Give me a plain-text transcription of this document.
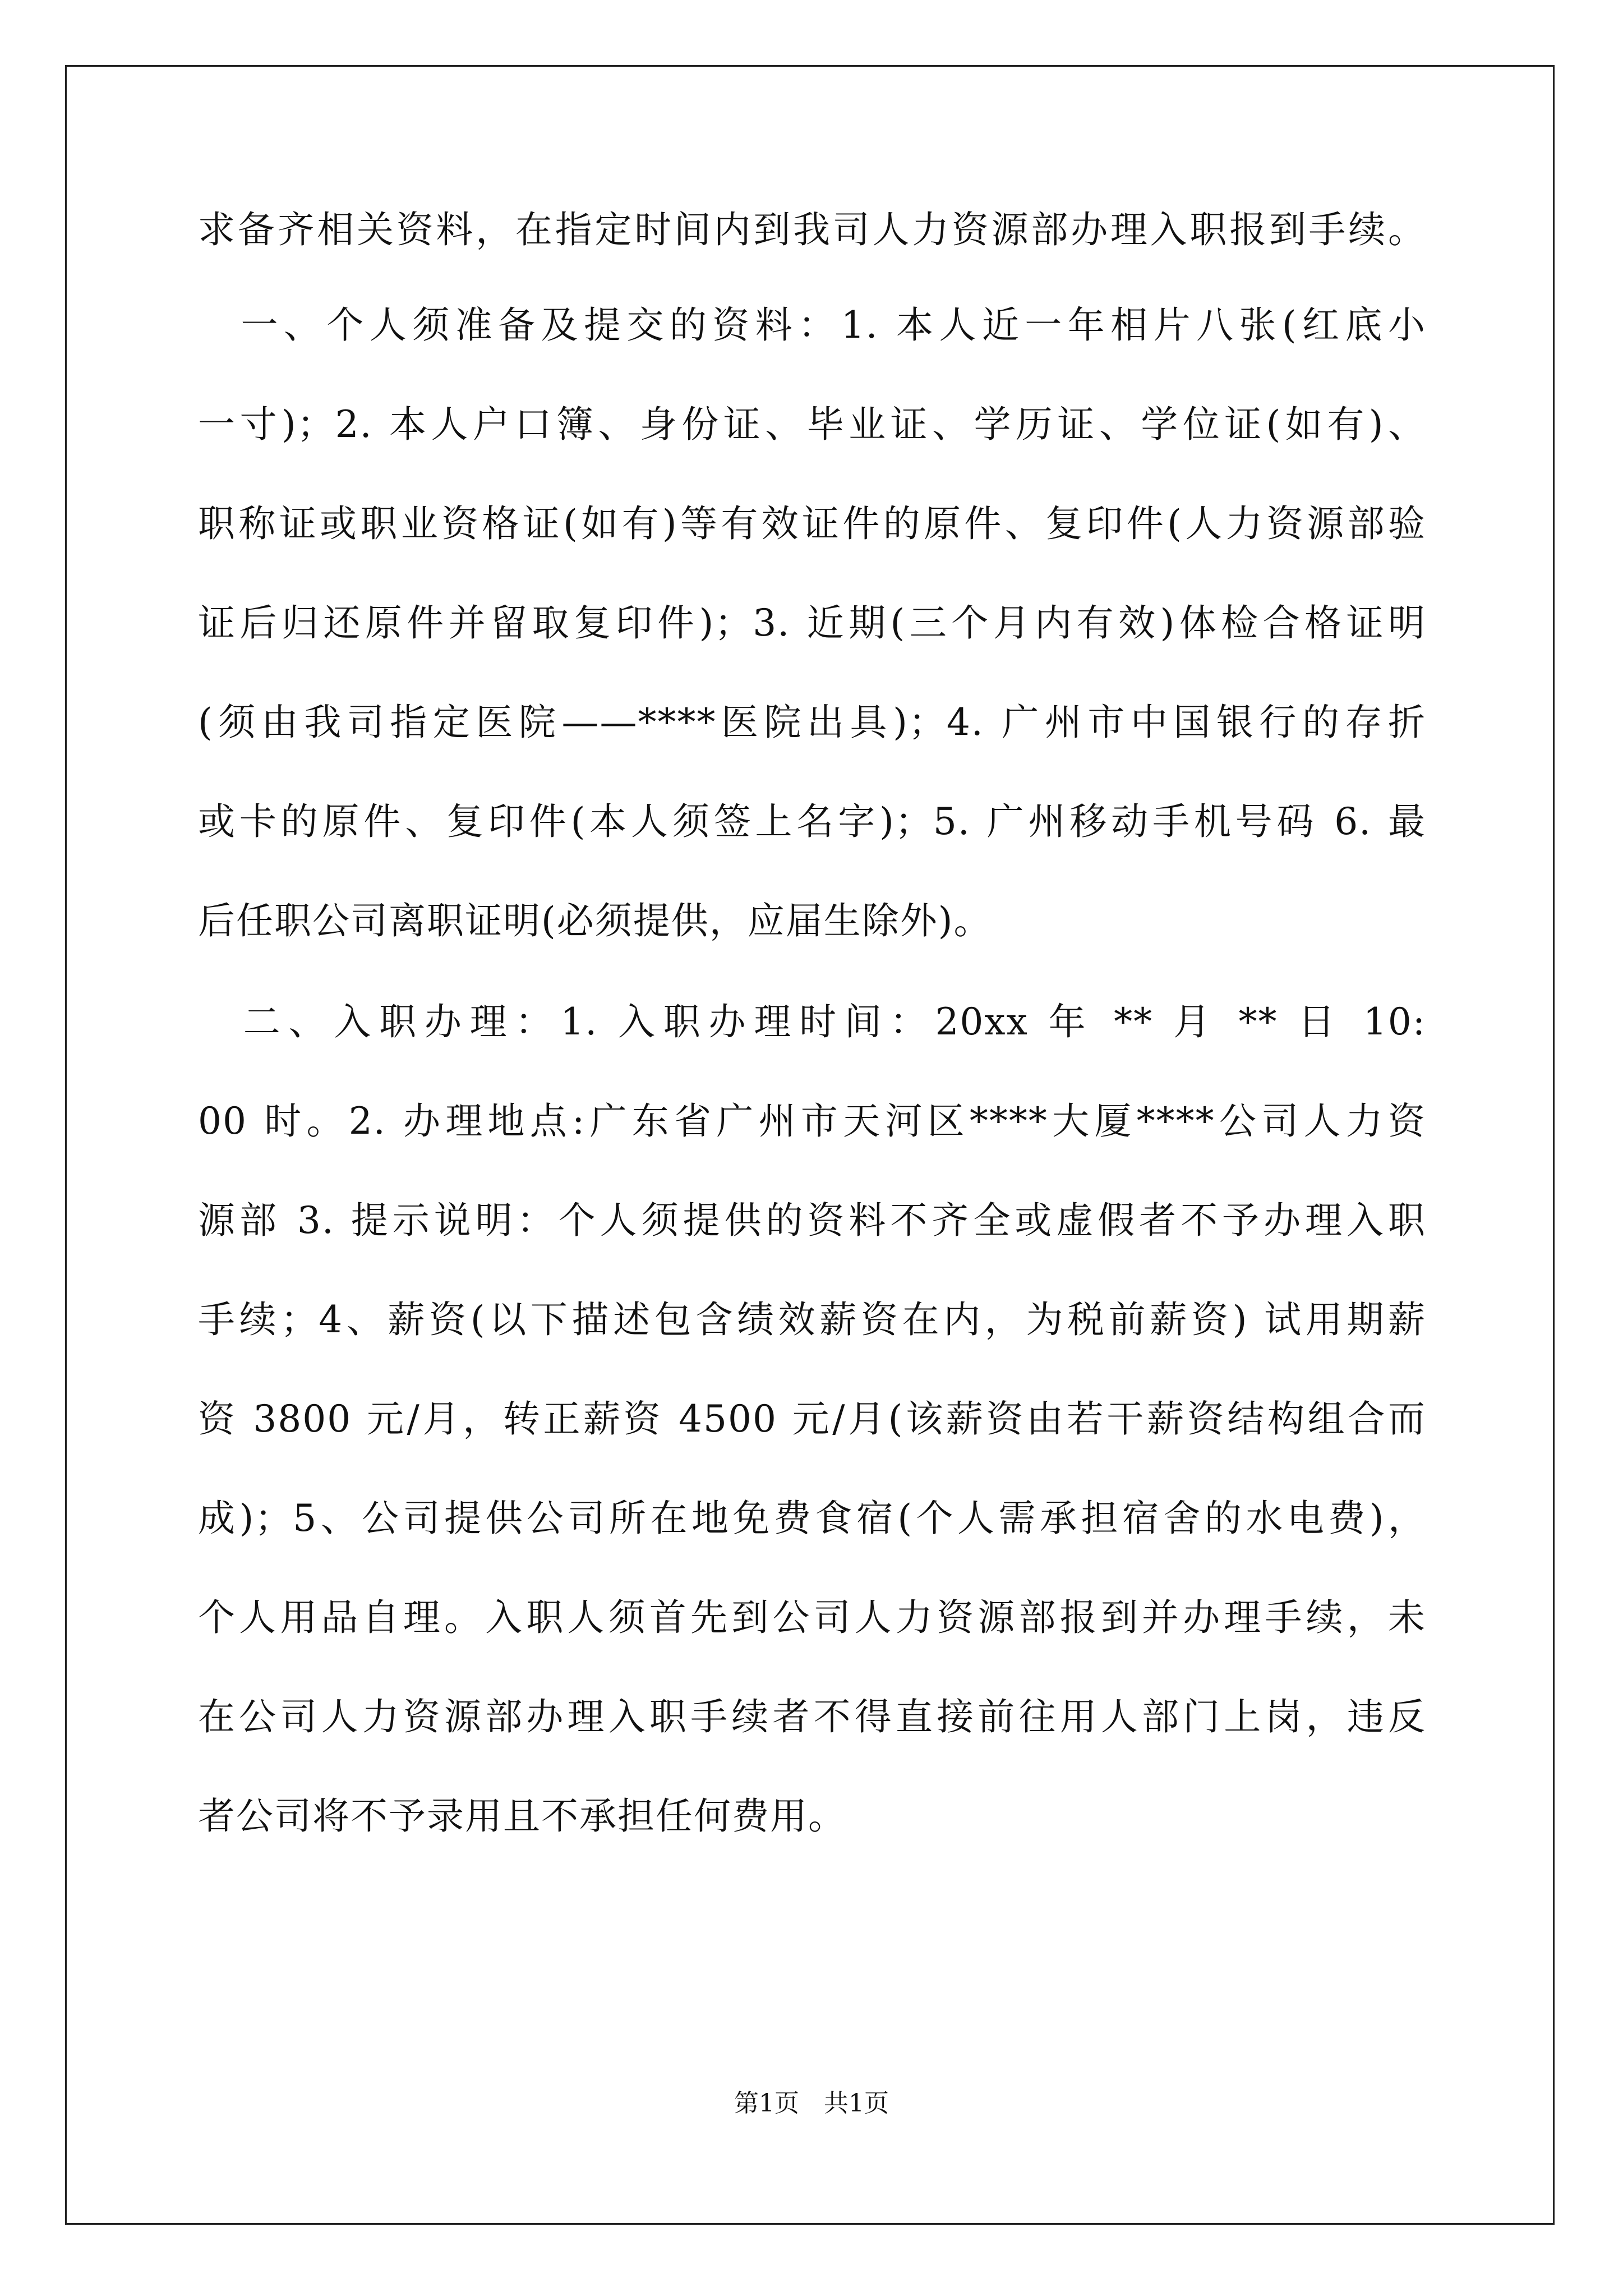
求备齐相关资料，在指定时间内到我司人力资源部办理入职报到手续。
　一、个人须准备及提交的资料：1. 本人近一年相片八张(红底小
一寸)；2. 本人户口簿、身份证、毕业证、学历证、学位证(如有)、
职称证或职业资格证(如有)等有效证件的原件、复印件(人力资源部验
证后归还原件并留取复印件)；3. 近期(三个月内有效)体检合格证明
(须由我司指定医院——****医院出具)；4. 广州市中国银行的存折
或卡的原件、复印件(本人须签上名字)；5. 广州移动手机号码 6. 最
后任职公司离职证明(必须提供，应届生除外)。
　二、入职办理：1. 入职办理时间：20xx 年 ** 月 ** 日 10:
00 时。2. 办理地点:广东省广州市天河区****大厦****公司人力资
源部 3. 提示说明：个人须提供的资料不齐全或虚假者不予办理入职
手续；4、薪资(以下描述包含绩效薪资在内，为税前薪资) 试用期薪
资 3800 元/月，转正薪资 4500 元/月(该薪资由若干薪资结构组合而
成)；5、公司提供公司所在地免费食宿(个人需承担宿舍的水电费)，
个人用品自理。入职人须首先到公司人力资源部报到并办理手续，未
在公司人力资源部办理入职手续者不得直接前往用人部门上岗，违反
者公司将不予录用且不承担任何费用。
第1页　共1页
